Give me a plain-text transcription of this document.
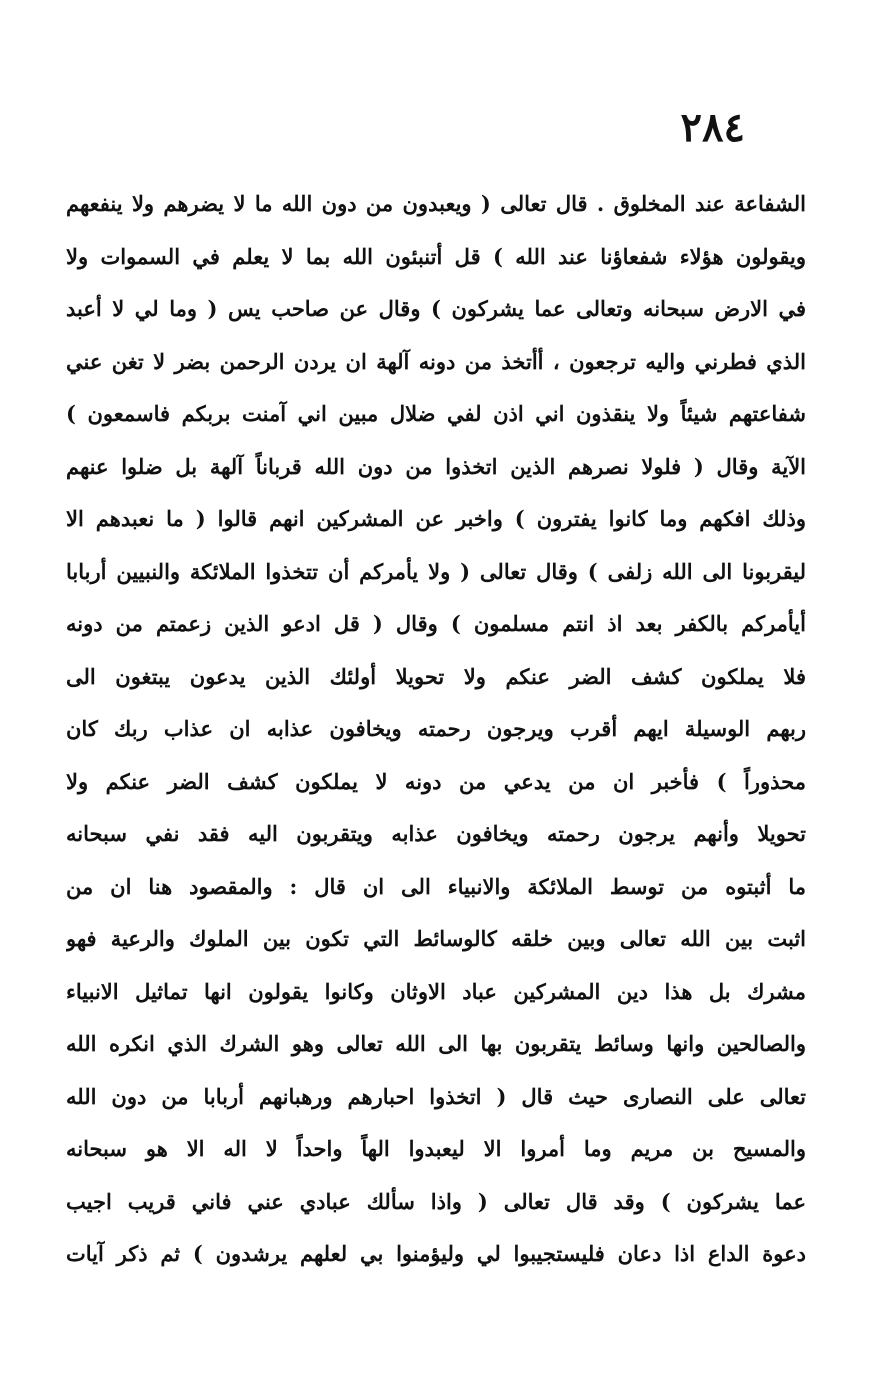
٢٨٤
الشفاعة عند المخلوق . قال تعالى ( ويعبدون من دون الله ما لا يضرهم ولا ينفعهم
ويقولون هؤلاء شفعاؤنا عند الله ) قل أتنبئون الله بما لا يعلم في السموات ولا
في الارض سبحانه وتعالى عما يشركون ) وقال عن صاحب يس ( وما لي لا أعبد
الذي فطرني واليه ترجعون ، أأتخذ من دونه آلهة ان يردن الرحمن بضر لا تغن عني
شفاعتهم شيئاً ولا ينقذون اني اذن لفي ضلال مبين اني آمنت بربكم فاسمعون )
الآية وقال ( فلولا نصرهم الذين اتخذوا من دون الله قرباناً آلهة بل ضلوا عنهم
وذلك افكهم وما كانوا يفترون ) واخبر عن المشركين انهم قالوا ( ما نعبدهم الا
ليقربونا الى الله زلفى ) وقال تعالى ( ولا يأمركم أن تتخذوا الملائكة والنبيين أربابا
أيأمركم بالكفر بعد اذ انتم مسلمون ) وقال ( قل ادعو الذين زعمتم من دونه
فلا يملكون كشف الضر عنكم ولا تحويلا أولئك الذين يدعون يبتغون الى
ربهم الوسيلة ايهم أقرب ويرجون رحمته ويخافون عذابه ان عذاب ربك كان
محذوراً ) فأخبر ان من يدعي من دونه لا يملكون كشف الضر عنكم ولا
تحويلا وأنهم يرجون رحمته ويخافون عذابه ويتقربون اليه فقد نفي سبحانه
ما أثبتوه من توسط الملائكة والانبياء الى ان قال : والمقصود هنا ان من
اثبت بين الله تعالى وبين خلقه كالوسائط التي تكون بين الملوك والرعية فهو
مشرك بل هذا دين المشركين عباد الاوثان وكانوا يقولون انها تماثيل الانبياء
والصالحين وانها وسائط يتقربون بها الى الله تعالى وهو الشرك الذي انكره الله
تعالى على النصارى حيث قال ( اتخذوا احبارهم ورهبانهم أربابا من دون الله
والمسيح بن مريم وما أمروا الا ليعبدوا الهاً واحداً لا اله الا هو سبحانه
عما يشركون ) وقد قال تعالى ( واذا سألك عبادي عني فاني قريب اجيب
دعوة الداع اذا دعان فليستجيبوا لي وليؤمنوا بي لعلهم يرشدون ) ثم ذكر آيات
